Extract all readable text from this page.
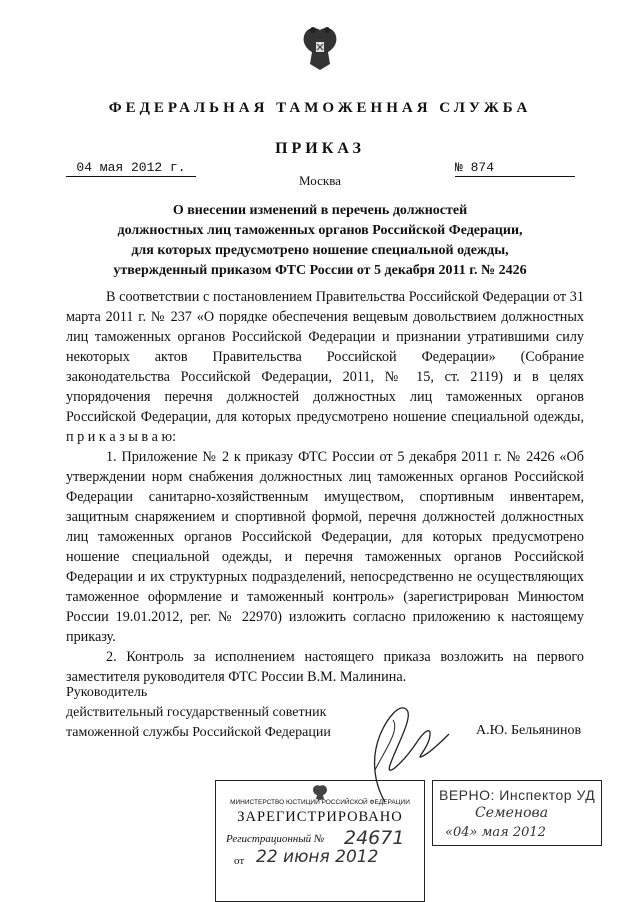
ФЕДЕРАЛЬНАЯ ТАМОЖЕННАЯ СЛУЖБА
ПРИКАЗ
04 мая 2012 г.	№ 874
Москва
О внесении изменений в перечень должностей
должностных лиц таможенных органов Российской Федерации,
для которых предусмотрено ношение специальной одежды,
утвержденный приказом ФТС России от 5 декабря 2011 г. № 2426

В соответствии с постановлением Правительства Российской Федерации от 31 марта 2011 г. № 237 «О порядке обеспечения вещевым довольствием должностных лиц таможенных органов Российской Федерации и признании утратившими силу некоторых актов Правительства Российской Федерации» (Собрание законодательства Российской Федерации, 2011, № 15, ст. 2119) и в целях упорядочения перечня должностей должностных лиц таможенных органов Российской Федерации, для которых предусмотрено ношение специальной одежды, п р и к а з ы в а ю:

1. Приложение № 2 к приказу ФТС России от 5 декабря 2011 г. № 2426 «Об утверждении норм снабжения должностных лиц таможенных органов Российской Федерации санитарно-хозяйственным имуществом, спортивным инвентарем, защитным снаряжением и спортивной формой, перечня должностей должностных лиц таможенных органов Российской Федерации, для которых предусмотрено ношение специальной одежды, и перечня таможенных органов Российской Федерации и их структурных подразделений, непосредственно не осуществляющих таможенное оформление и таможенный контроль» (зарегистрирован Минюстом России 19.01.2012, рег. № 22970) изложить согласно приложению к настоящему приказу.

2. Контроль за исполнением настоящего приказа возложить на первого заместителя руководителя ФТС России В.М. Малинина.

Руководитель
действительный государственный советник
таможенной службы Российской Федерации	А.Ю. Бельянинов
МИНИСТЕРСТВО ЮСТИЦИИ РОССИЙСКОЙ ФЕДЕРАЦИИ
ЗАРЕГИСТРИРОВАНО
Регистрационный № 24671
от 22 июня 2012
ВЕРНО: Инспектор УД
Семенова
«04» мая 2012
